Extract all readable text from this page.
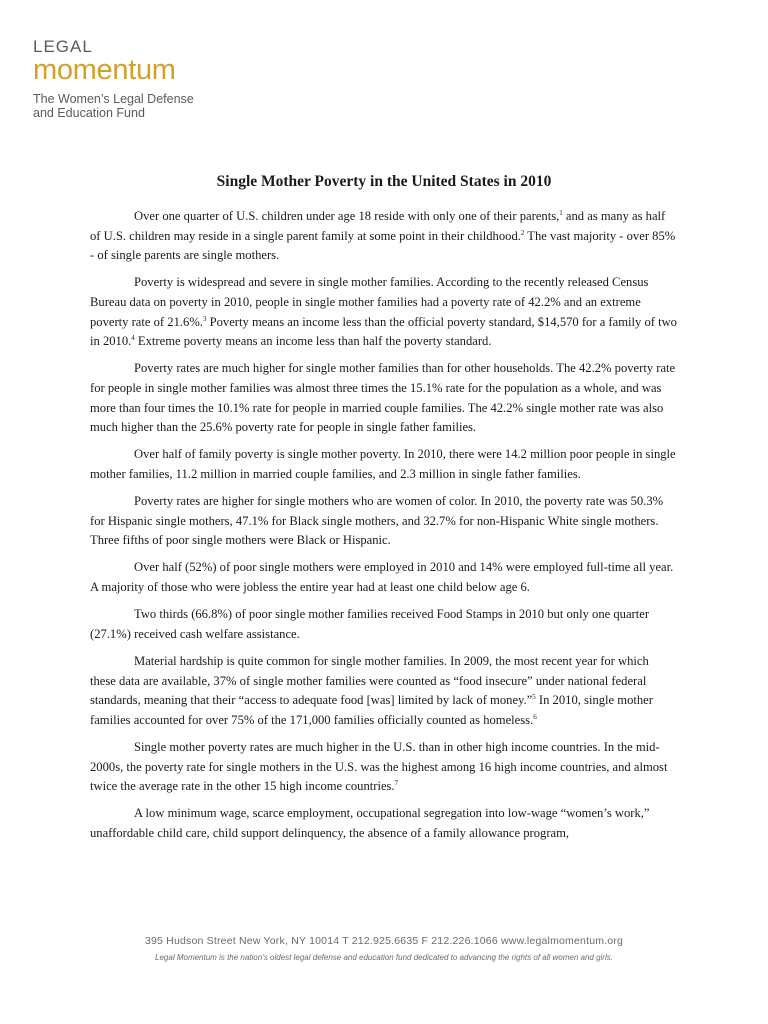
LEGAL
momentum
The Women’s Legal Defense
and Education Fund
Single Mother Poverty in the United States in 2010

Over one quarter of U.S. children under age 18 reside with only one of their parents,$^1$ and as many as half of U.S. children may reside in a single parent family at some point in their childhood.$^2$ The vast majority - over 85% - of single parents are single mothers.

Poverty is widespread and severe in single mother families. According to the recently released Census Bureau data on poverty in 2010, people in single mother families had a poverty rate of 42.2% and an extreme poverty rate of 21.6%.$^3$ Poverty means an income less than the official poverty standard, $14,570 for a family of two in 2010.$^4$ Extreme poverty means an income less than half the poverty standard.

Poverty rates are much higher for single mother families than for other households. The 42.2% poverty rate for people in single mother families was almost three times the 15.1% rate for the population as a whole, and was more than four times the 10.1% rate for people in married couple families. The 42.2% single mother rate was also much higher than the 25.6% poverty rate for people in single father families.

Over half of family poverty is single mother poverty. In 2010, there were 14.2 million poor people in single mother families, 11.2 million in married couple families, and 2.3 million in single father families.

Poverty rates are higher for single mothers who are women of color. In 2010, the poverty rate was 50.3% for Hispanic single mothers, 47.1% for Black single mothers, and 32.7% for non-Hispanic White single mothers. Three fifths of poor single mothers were Black or Hispanic.

Over half (52%) of poor single mothers were employed in 2010 and 14% were employed full-time all year. A majority of those who were jobless the entire year had at least one child below age 6.

Two thirds (66.8%) of poor single mother families received Food Stamps in 2010 but only one quarter (27.1%) received cash welfare assistance.

Material hardship is quite common for single mother families. In 2009, the most recent year for which these data are available, 37% of single mother families were counted as “food insecure” under national federal standards, meaning that their “access to adequate food [was] limited by lack of money.”$^5$ In 2010, single mother families accounted for over 75% of the 171,000 families officially counted as homeless.$^6$

Single mother poverty rates are much higher in the U.S. than in other high income countries. In the mid-2000s, the poverty rate for single mothers in the U.S. was the highest among 16 high income countries, and almost twice the average rate in the other 15 high income countries.$^7$

A low minimum wage, scarce employment, occupational segregation into low-wage “women’s work,” unaffordable child care, child support delinquency, the absence of a family allowance program,

395 Hudson Street New York, NY 10014 T 212.925.6635 F 212.226.1066 www.legalmomentum.org
Legal Momentum is the nation’s oldest legal defense and education fund dedicated to advancing the rights of all women and girls.
